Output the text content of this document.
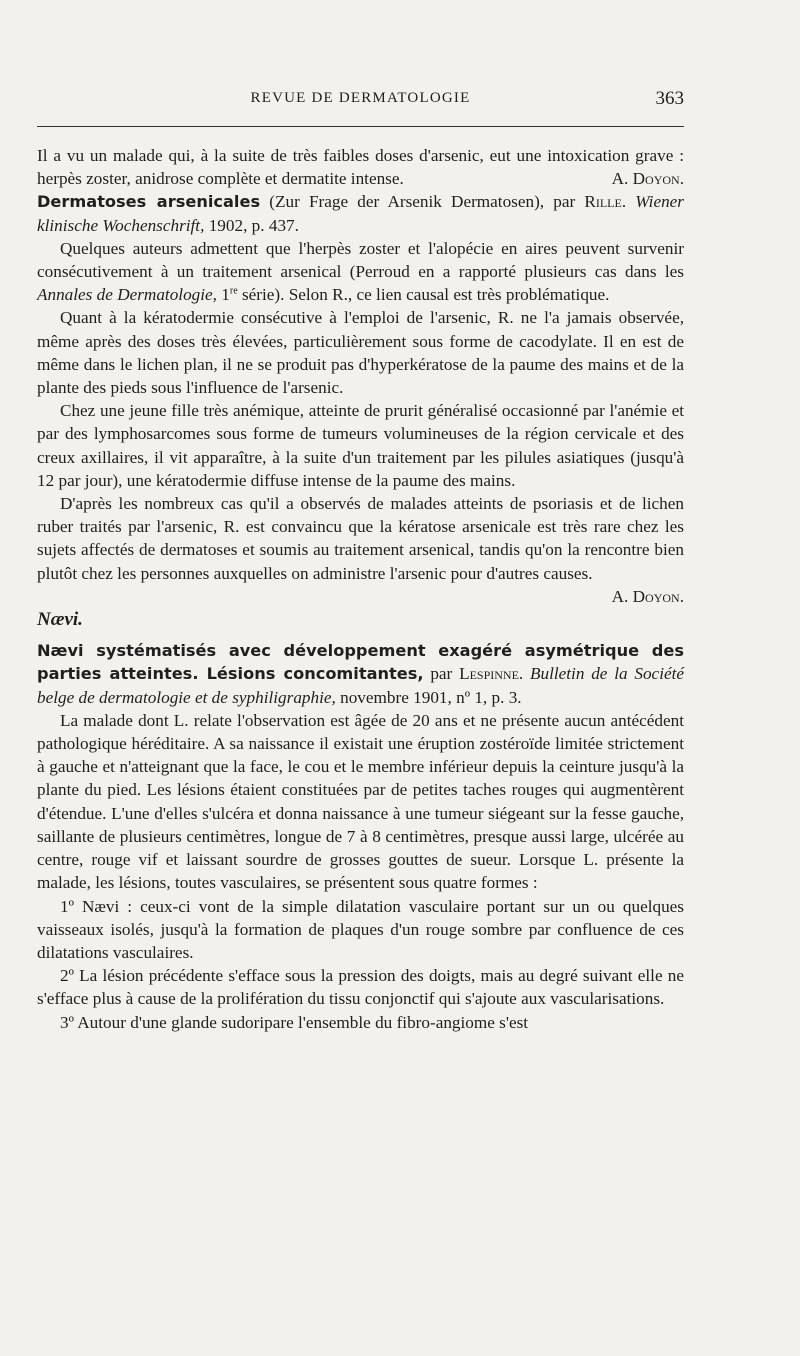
REVUE DE DERMATOLOGIE	363

Il a vu un malade qui, à la suite de très faibles doses d'arsenic, eut une intoxication grave : herpès zoster, anidrose complète et dermatite intense.	A. Doyon.

Dermatoses arsenicales (Zur Frage der Arsenik Dermatosen), par Rille. Wiener klinische Wochenschrift, 1902, p. 437.

Quelques auteurs admettent que l'herpès zoster et l'alopécie en aires peuvent survenir consécutivement à un traitement arsenical (Perroud en a rapporté plusieurs cas dans les Annales de Dermatologie, 1re série). Selon R., ce lien causal est très problématique.

Quant à la kératodermie consécutive à l'emploi de l'arsenic, R. ne l'a jamais observée, même après des doses très élevées, particulièrement sous forme de cacodylate. Il en est de même dans le lichen plan, il ne se produit pas d'hyperkératose de la paume des mains et de la plante des pieds sous l'influence de l'arsenic.

Chez une jeune fille très anémique, atteinte de prurit généralisé occasionné par l'anémie et par des lymphosarcomes sous forme de tumeurs volumineuses de la région cervicale et des creux axillaires, il vit apparaître, à la suite d'un traitement par les pilules asiatiques (jusqu'à 12 par jour), une kératodermie diffuse intense de la paume des mains.

D'après les nombreux cas qu'il a observés de malades atteints de psoriasis et de lichen ruber traités par l'arsenic, R. est convaincu que la kératose arsenicale est très rare chez les sujets affectés de dermatoses et soumis au traitement arsenical, tandis qu'on la rencontre bien plutôt chez les personnes auxquelles on administre l'arsenic pour d'autres causes.
A. Doyon.

Nævi.

Nævi systématisés avec développement exagéré asymétrique des parties atteintes. Lésions concomitantes, par Lespinne. Bulletin de la Société belge de dermatologie et de syphiligraphie, novembre 1901, nº 1, p. 3.

La malade dont L. relate l'observation est âgée de 20 ans et ne présente aucun antécédent pathologique héréditaire. A sa naissance il existait une éruption zostéroïde limitée strictement à gauche et n'atteignant que la face, le cou et le membre inférieur depuis la ceinture jusqu'à la plante du pied. Les lésions étaient constituées par de petites taches rouges qui augmentèrent d'étendue. L'une d'elles s'ulcéra et donna naissance à une tumeur siégeant sur la fesse gauche, saillante de plusieurs centimètres, longue de 7 à 8 centimètres, presque aussi large, ulcérée au centre, rouge vif et laissant sourdre de grosses gouttes de sueur. Lorsque L. présente la malade, les lésions, toutes vasculaires, se présentent sous quatre formes :

1º Nævi : ceux-ci vont de la simple dilatation vasculaire portant sur un ou quelques vaisseaux isolés, jusqu'à la formation de plaques d'un rouge sombre par confluence de ces dilatations vasculaires.

2º La lésion précédente s'efface sous la pression des doigts, mais au degré suivant elle ne s'efface plus à cause de la prolifération du tissu conjonctif qui s'ajoute aux vascularisations.

3º Autour d'une glande sudoripare l'ensemble du fibro-angiome s'est
